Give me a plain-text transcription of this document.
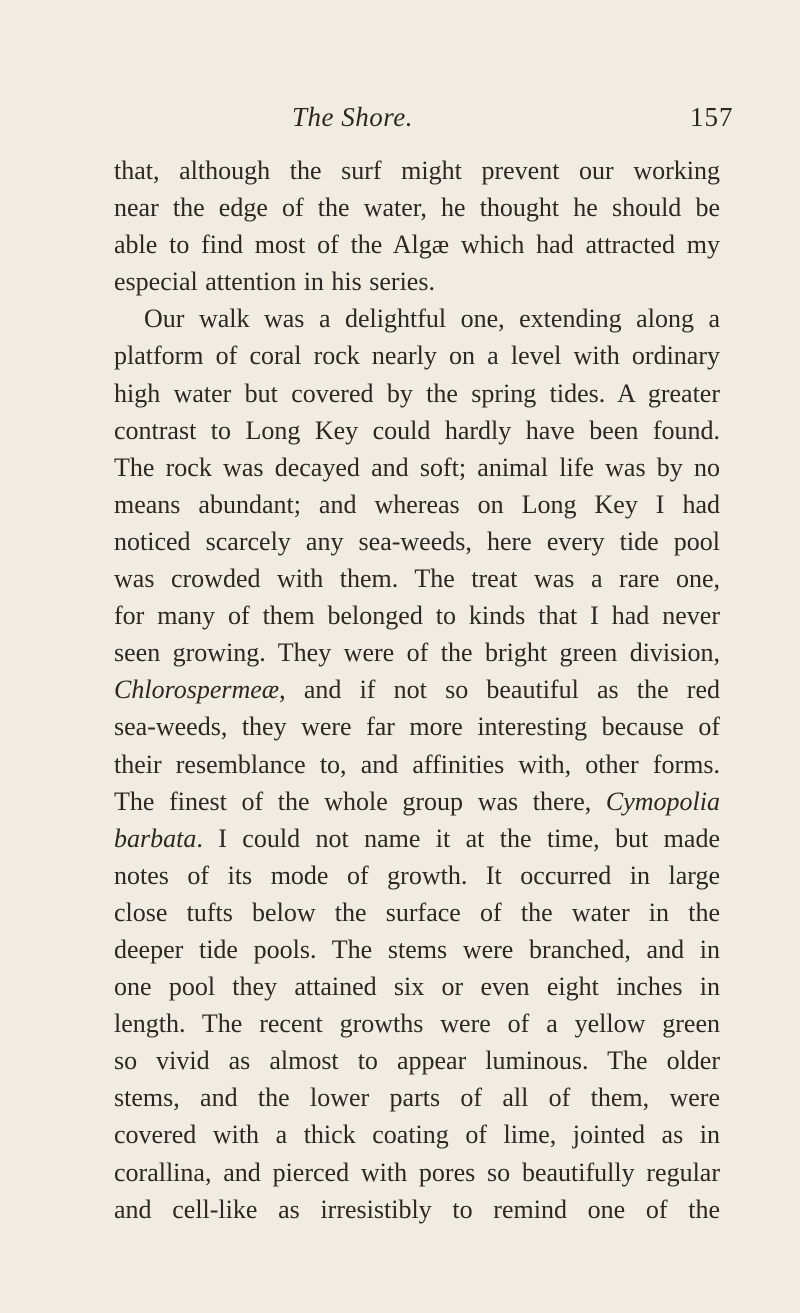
The Shore.	157
that, although the surf might prevent our working
near the edge of the water, he thought he should be
able to find most of the Algæ which had attracted my
especial attention in his series.
Our walk was a delightful one, extending along a
platform of coral rock nearly on a level with ordinary
high water but covered by the spring tides. A greater
contrast to Long Key could hardly have been found.
The rock was decayed and soft; animal life was by no
means abundant; and whereas on Long Key I had
noticed scarcely any sea-weeds, here every tide pool
was crowded with them. The treat was a rare one,
for many of them belonged to kinds that I had never
seen growing. They were of the bright green division,
Chlorospermeæ, and if not so beautiful as the red
sea-weeds, they were far more interesting because of
their resemblance to, and affinities with, other forms.
The finest of the whole group was there, Cymopolia
barbata. I could not name it at the time, but made
notes of its mode of growth. It occurred in large
close tufts below the surface of the water in the
deeper tide pools. The stems were branched, and in
one pool they attained six or even eight inches in
length. The recent growths were of a yellow green
so vivid as almost to appear luminous. The older
stems, and the lower parts of all of them, were
covered with a thick coating of lime, jointed as in
corallina, and pierced with pores so beautifully regular
and cell-like as irresistibly to remind one of the
